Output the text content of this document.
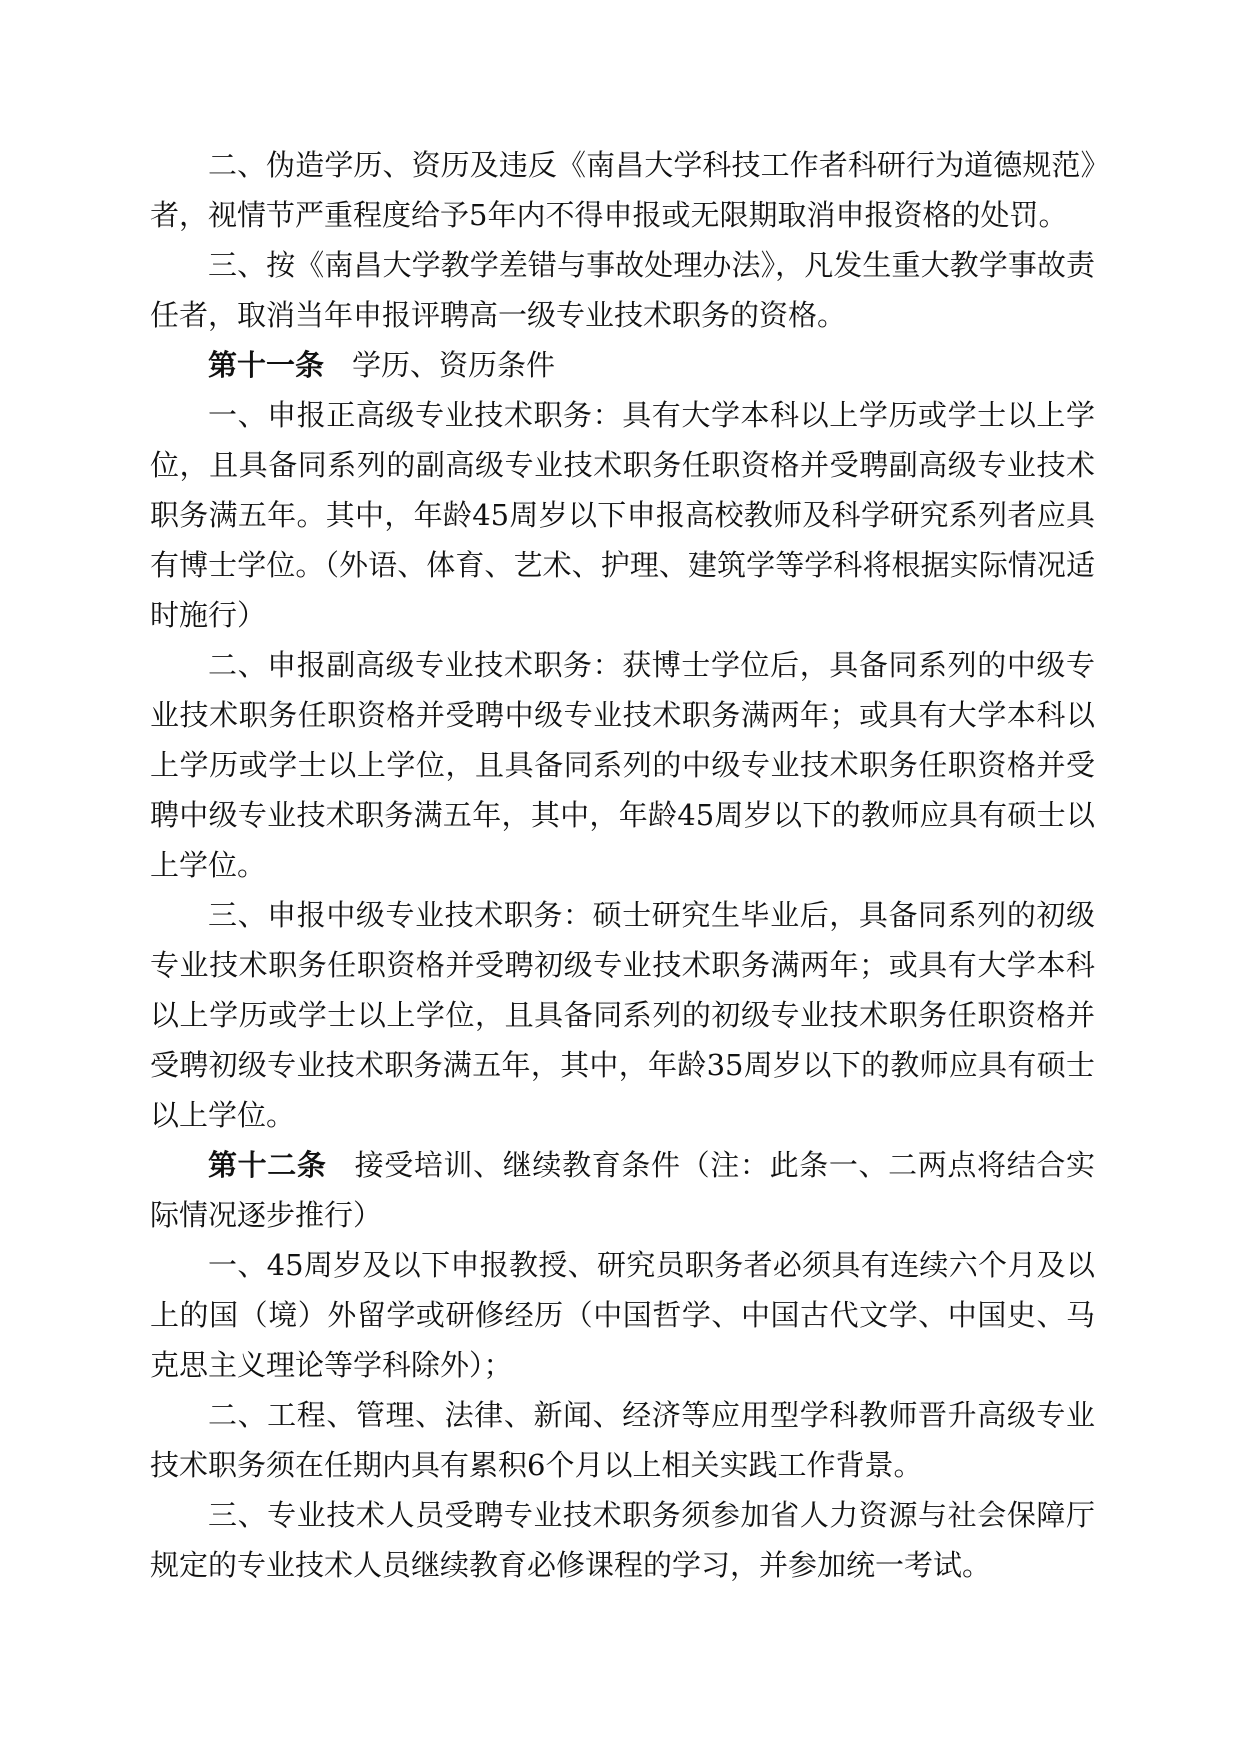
二、伪造学历、资历及违反《南昌大学科技工作者科研行为道德规范》者，视情节严重程度给予5年内不得申报或无限期取消申报资格的处罚。

三、按《南昌大学教学差错与事故处理办法》，凡发生重大教学事故责任者，取消当年申报评聘高一级专业技术职务的资格。

第十一条 学历、资历条件

一、申报正高级专业技术职务：具有大学本科以上学历或学士以上学位，且具备同系列的副高级专业技术职务任职资格并受聘副高级专业技术职务满五年。其中，年龄45周岁以下申报高校教师及科学研究系列者应具有博士学位。（外语、体育、艺术、护理、建筑学等学科将根据实际情况适时施行）

二、申报副高级专业技术职务：获博士学位后，具备同系列的中级专业技术职务任职资格并受聘中级专业技术职务满两年；或具有大学本科以上学历或学士以上学位，且具备同系列的中级专业技术职务任职资格并受聘中级专业技术职务满五年，其中，年龄45周岁以下的教师应具有硕士以上学位。

三、申报中级专业技术职务：硕士研究生毕业后，具备同系列的初级专业技术职务任职资格并受聘初级专业技术职务满两年；或具有大学本科以上学历或学士以上学位，且具备同系列的初级专业技术职务任职资格并受聘初级专业技术职务满五年，其中，年龄35周岁以下的教师应具有硕士以上学位。

第十二条 接受培训、继续教育条件（注：此条一、二两点将结合实际情况逐步推行）

一、45周岁及以下申报教授、研究员职务者必须具有连续六个月及以上的国（境）外留学或研修经历（中国哲学、中国古代文学、中国史、马克思主义理论等学科除外）；

二、工程、管理、法律、新闻、经济等应用型学科教师晋升高级专业技术职务须在任期内具有累积6个月以上相关实践工作背景。

三、专业技术人员受聘专业技术职务须参加省人力资源与社会保障厅规定的专业技术人员继续教育必修课程的学习，并参加统一考试。
